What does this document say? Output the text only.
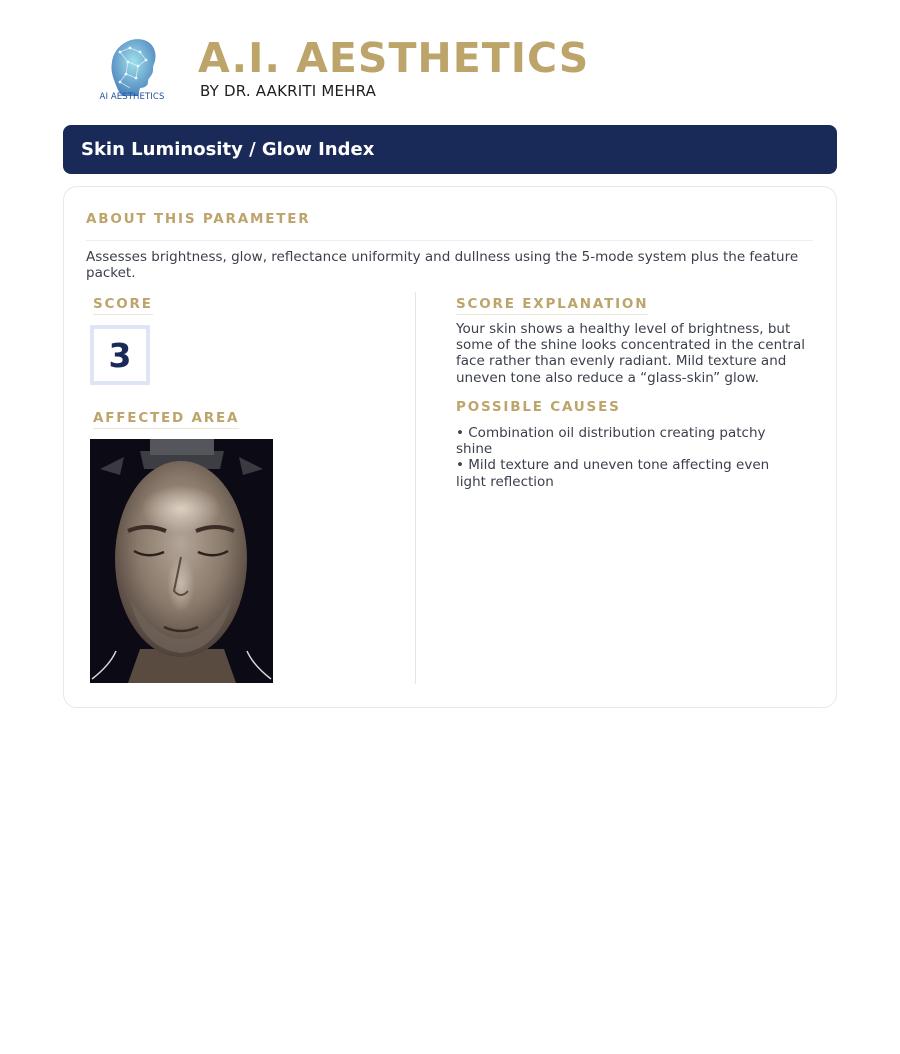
AI AESTHETICS
A.I. AESTHETICS
BY DR. AAKRITI MEHRA
Skin Luminosity / Glow Index
ABOUT THIS PARAMETER
Assesses brightness, glow, reflectance uniformity and dullness using the 5-mode system plus the feature packet.
SCORE
3
AFFECTED AREA
SCORE EXPLANATION
Your skin shows a healthy level of brightness, but some of the shine looks concentrated in the central face rather than evenly radiant. Mild texture and uneven tone also reduce a “glass-skin” glow.
POSSIBLE CAUSES
• Combination oil distribution creating patchy shine
• Mild texture and uneven tone affecting even light reflection
